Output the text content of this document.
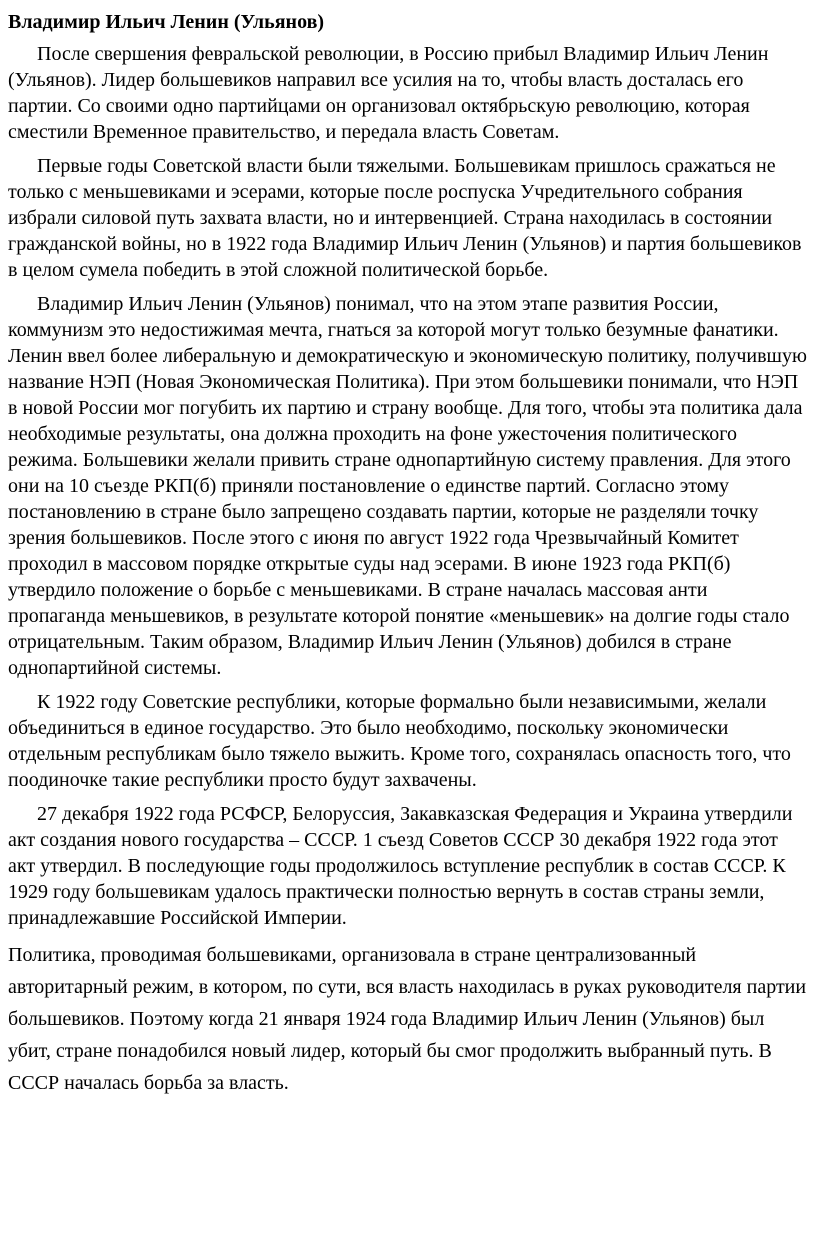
Владимир Ильич Ленин (Ульянов)

После свершения февральской революции, в Россию прибыл Владимир Ильич Ленин (Ульянов). Лидер большевиков направил все усилия на то, чтобы власть досталась его партии. Со своими одно партийцами он организовал октябрьскую революцию, которая сместили Временное правительство, и передала власть Советам.

Первые годы Советской власти были тяжелыми. Большевикам пришлось сражаться не только с меньшевиками и эсерами, которые после роспуска Учредительного собрания избрали силовой путь захвата власти, но и интервенцией. Страна находилась в состоянии гражданской войны, но в 1922 года Владимир Ильич Ленин (Ульянов) и партия большевиков в целом сумела победить в этой сложной политической борьбе.

Владимир Ильич Ленин (Ульянов) понимал, что на этом этапе развития России, коммунизм это недостижимая мечта, гнаться за которой могут только безумные фанатики. Ленин ввел более либеральную и демократическую и экономическую политику, получившую название НЭП (Новая Экономическая Политика). При этом большевики понимали, что НЭП в новой России мог погубить их партию и страну вообще. Для того, чтобы эта политика дала необходимые результаты, она должна проходить на фоне ужесточения политического режима. Большевики желали привить стране однопартийную систему правления. Для этого они на 10 съезде РКП(б) приняли постановление о единстве партий. Согласно этому постановлению в стране было запрещено создавать партии, которые не разделяли точку зрения большевиков. После этого с июня по август 1922 года Чрезвычайный Комитет проходил в массовом порядке открытые суды над эсерами. В июне 1923 года РКП(б) утвердило положение о борьбе с меньшевиками. В стране началась массовая анти пропаганда меньшевиков, в результате которой понятие «меньшевик» на долгие годы стало отрицательным. Таким образом, Владимир Ильич Ленин (Ульянов) добился в стране однопартийной системы.

К 1922 году Советские республики, которые формально были независимыми, желали объединиться в единое государство. Это было необходимо, поскольку экономически отдельным республикам было тяжело выжить. Кроме того, сохранялась опасность того, что поодиночке такие республики просто будут захвачены.

27 декабря 1922 года РСФСР, Белоруссия, Закавказская Федерация и Украина утвердили акт создания нового государства – СССР. 1 съезд Советов СССР 30 декабря 1922 года этот акт утвердил. В последующие годы продолжилось вступление республик в состав СССР. К 1929 году большевикам удалось практически полностью вернуть в состав страны земли, принадлежавшие Российской Империи.

Политика, проводимая большевиками, организовала в стране централизованный авторитарный режим, в котором, по сути, вся власть находилась в руках руководителя партии большевиков. Поэтому когда 21 января 1924 года Владимир Ильич Ленин (Ульянов) был убит, стране понадобился новый лидер, который бы смог продолжить выбранный путь. В СССР началась борьба за власть.
